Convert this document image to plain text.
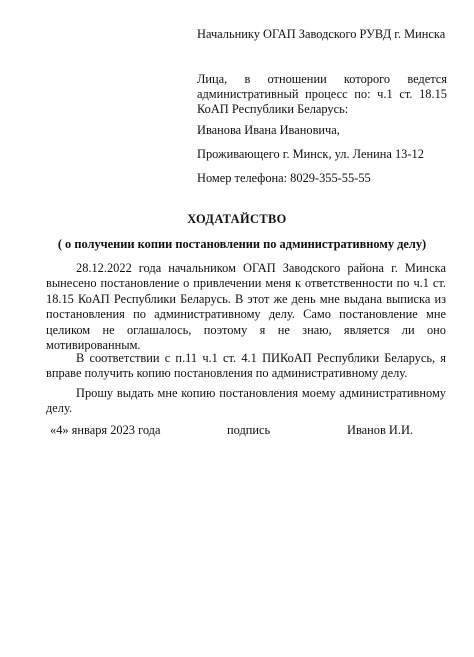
Начальнику ОГАП Заводского РУВД г. Минска
Лица, в отношении которого ведется административный процесс по: ч.1 ст. 18.15 КоАП Республики Беларусь:
Иванова Ивана Ивановича,
Проживающего г. Минск, ул. Ленина 13-12
Номер телефона: 8029-355-55-55
ХОДАТАЙСТВО
( о получении копии постановлении по административному делу)
28.12.2022 года начальником ОГАП Заводского района г. Минска вынесено постановление о привлечении меня к ответственности по ч.1 ст. 18.15 КоАП Республики Беларусь. В этот же день мне выдана выписка из постановления по административному делу. Само постановление мне целиком не оглашалось, поэтому я не знаю, является ли оно мотивированным.
В соответствии с п.11 ч.1 ст. 4.1 ПИКоАП Республики Беларусь, я вправе получить копию постановления по административному делу.
Прошу выдать мне копию постановления моему административному делу.
«4» января 2023 года	подпись	Иванов И.И.
